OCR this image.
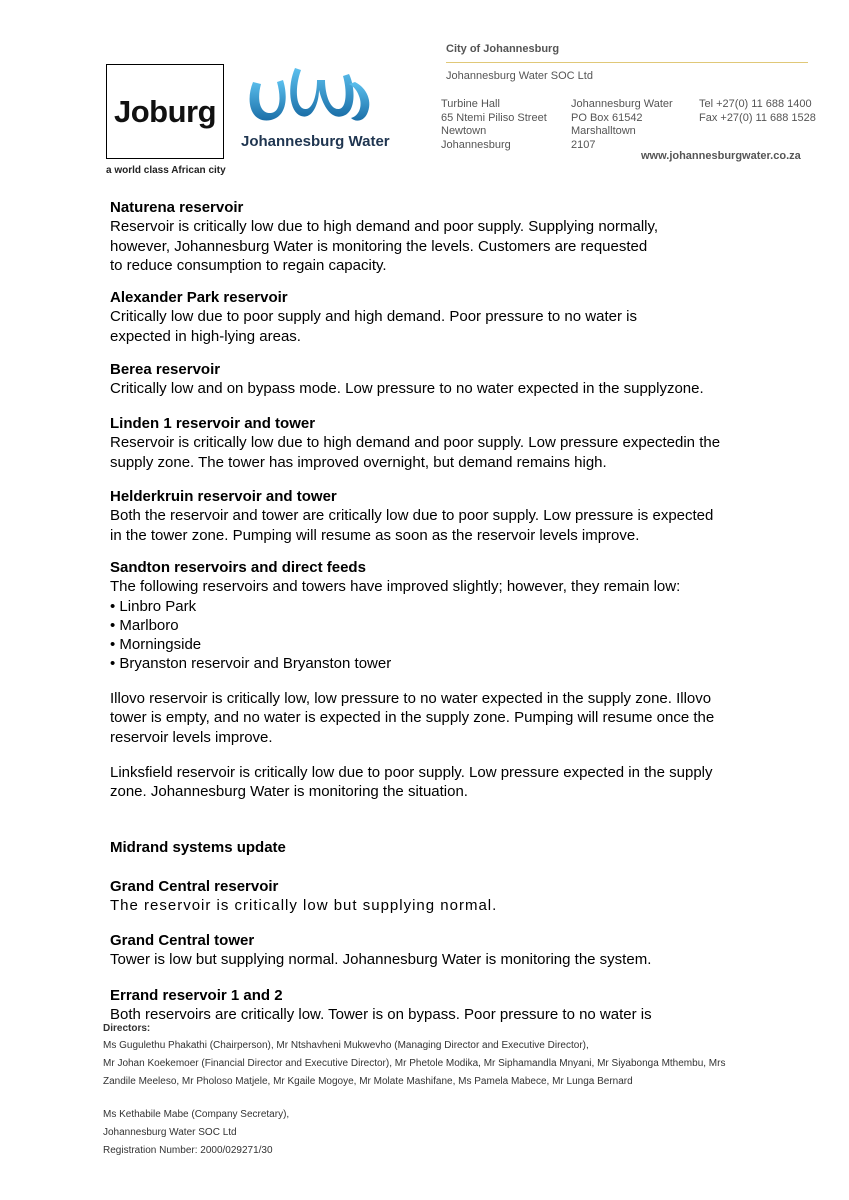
Joburg
a world class African city
Johannesburg Water
City of Johannesburg
Johannesburg Water SOC Ltd
Turbine Hall
65 Ntemi Piliso Street
Newtown
Johannesburg
Johannesburg Water
PO Box 61542
Marshalltown
2107
Tel +27(0) 11 688 1400
Fax +27(0) 11 688 1528
www.johannesburgwater.co.za
Naturena reservoir
Reservoir is critically low due to high demand and poor supply. Supplying normally,
however, Johannesburg Water is monitoring the levels. Customers are requested
to reduce consumption to regain capacity.
Alexander Park reservoir
Critically low due to poor supply and high demand. Poor pressure to no water is
expected in high-lying areas.
Berea reservoir
Critically low and on bypass mode. Low pressure to no water expected in the supplyzone.
Linden 1 reservoir and tower
Reservoir is critically low due to high demand and poor supply. Low pressure expectedin the
supply zone. The tower has improved overnight, but demand remains high.
Helderkruin reservoir and tower
Both the reservoir and tower are critically low due to poor supply. Low pressure is expected
in the tower zone. Pumping will resume as soon as the reservoir levels improve.
Sandton reservoirs and direct feeds
The following reservoirs and towers have improved slightly; however, they remain low:
• Linbro Park
• Marlboro
• Morningside
• Bryanston reservoir and Bryanston tower
Illovo reservoir is critically low, low pressure to no water expected in the supply zone. Illovo
tower is empty, and no water is expected in the supply zone. Pumping will resume once the
reservoir levels improve.
Linksfield reservoir is critically low due to poor supply. Low pressure expected in the supply
zone. Johannesburg Water is monitoring the situation.
Midrand systems update
Grand Central reservoir
The reservoir is critically low but supplying normal.
Grand Central tower
Tower is low but supplying normal. Johannesburg Water is monitoring the system.
Errand reservoir 1 and 2
Both reservoirs are critically low. Tower is on bypass. Poor pressure to no water is
Directors:
Ms Gugulethu Phakathi (Chairperson), Mr Ntshavheni Mukwevho (Managing Director and Executive Director),
Mr Johan Koekemoer (Financial Director and Executive Director), Mr Phetole Modika, Mr Siphamandla Mnyani, Mr Siyabonga Mthembu, Mrs
Zandile Meeleso, Mr Pholoso Matjele, Mr Kgaile Mogoye, Mr Molate Mashifane, Ms Pamela Mabece, Mr Lunga Bernard
Ms Kethabile Mabe (Company Secretary),
Johannesburg Water SOC Ltd
Registration Number: 2000/029271/30
